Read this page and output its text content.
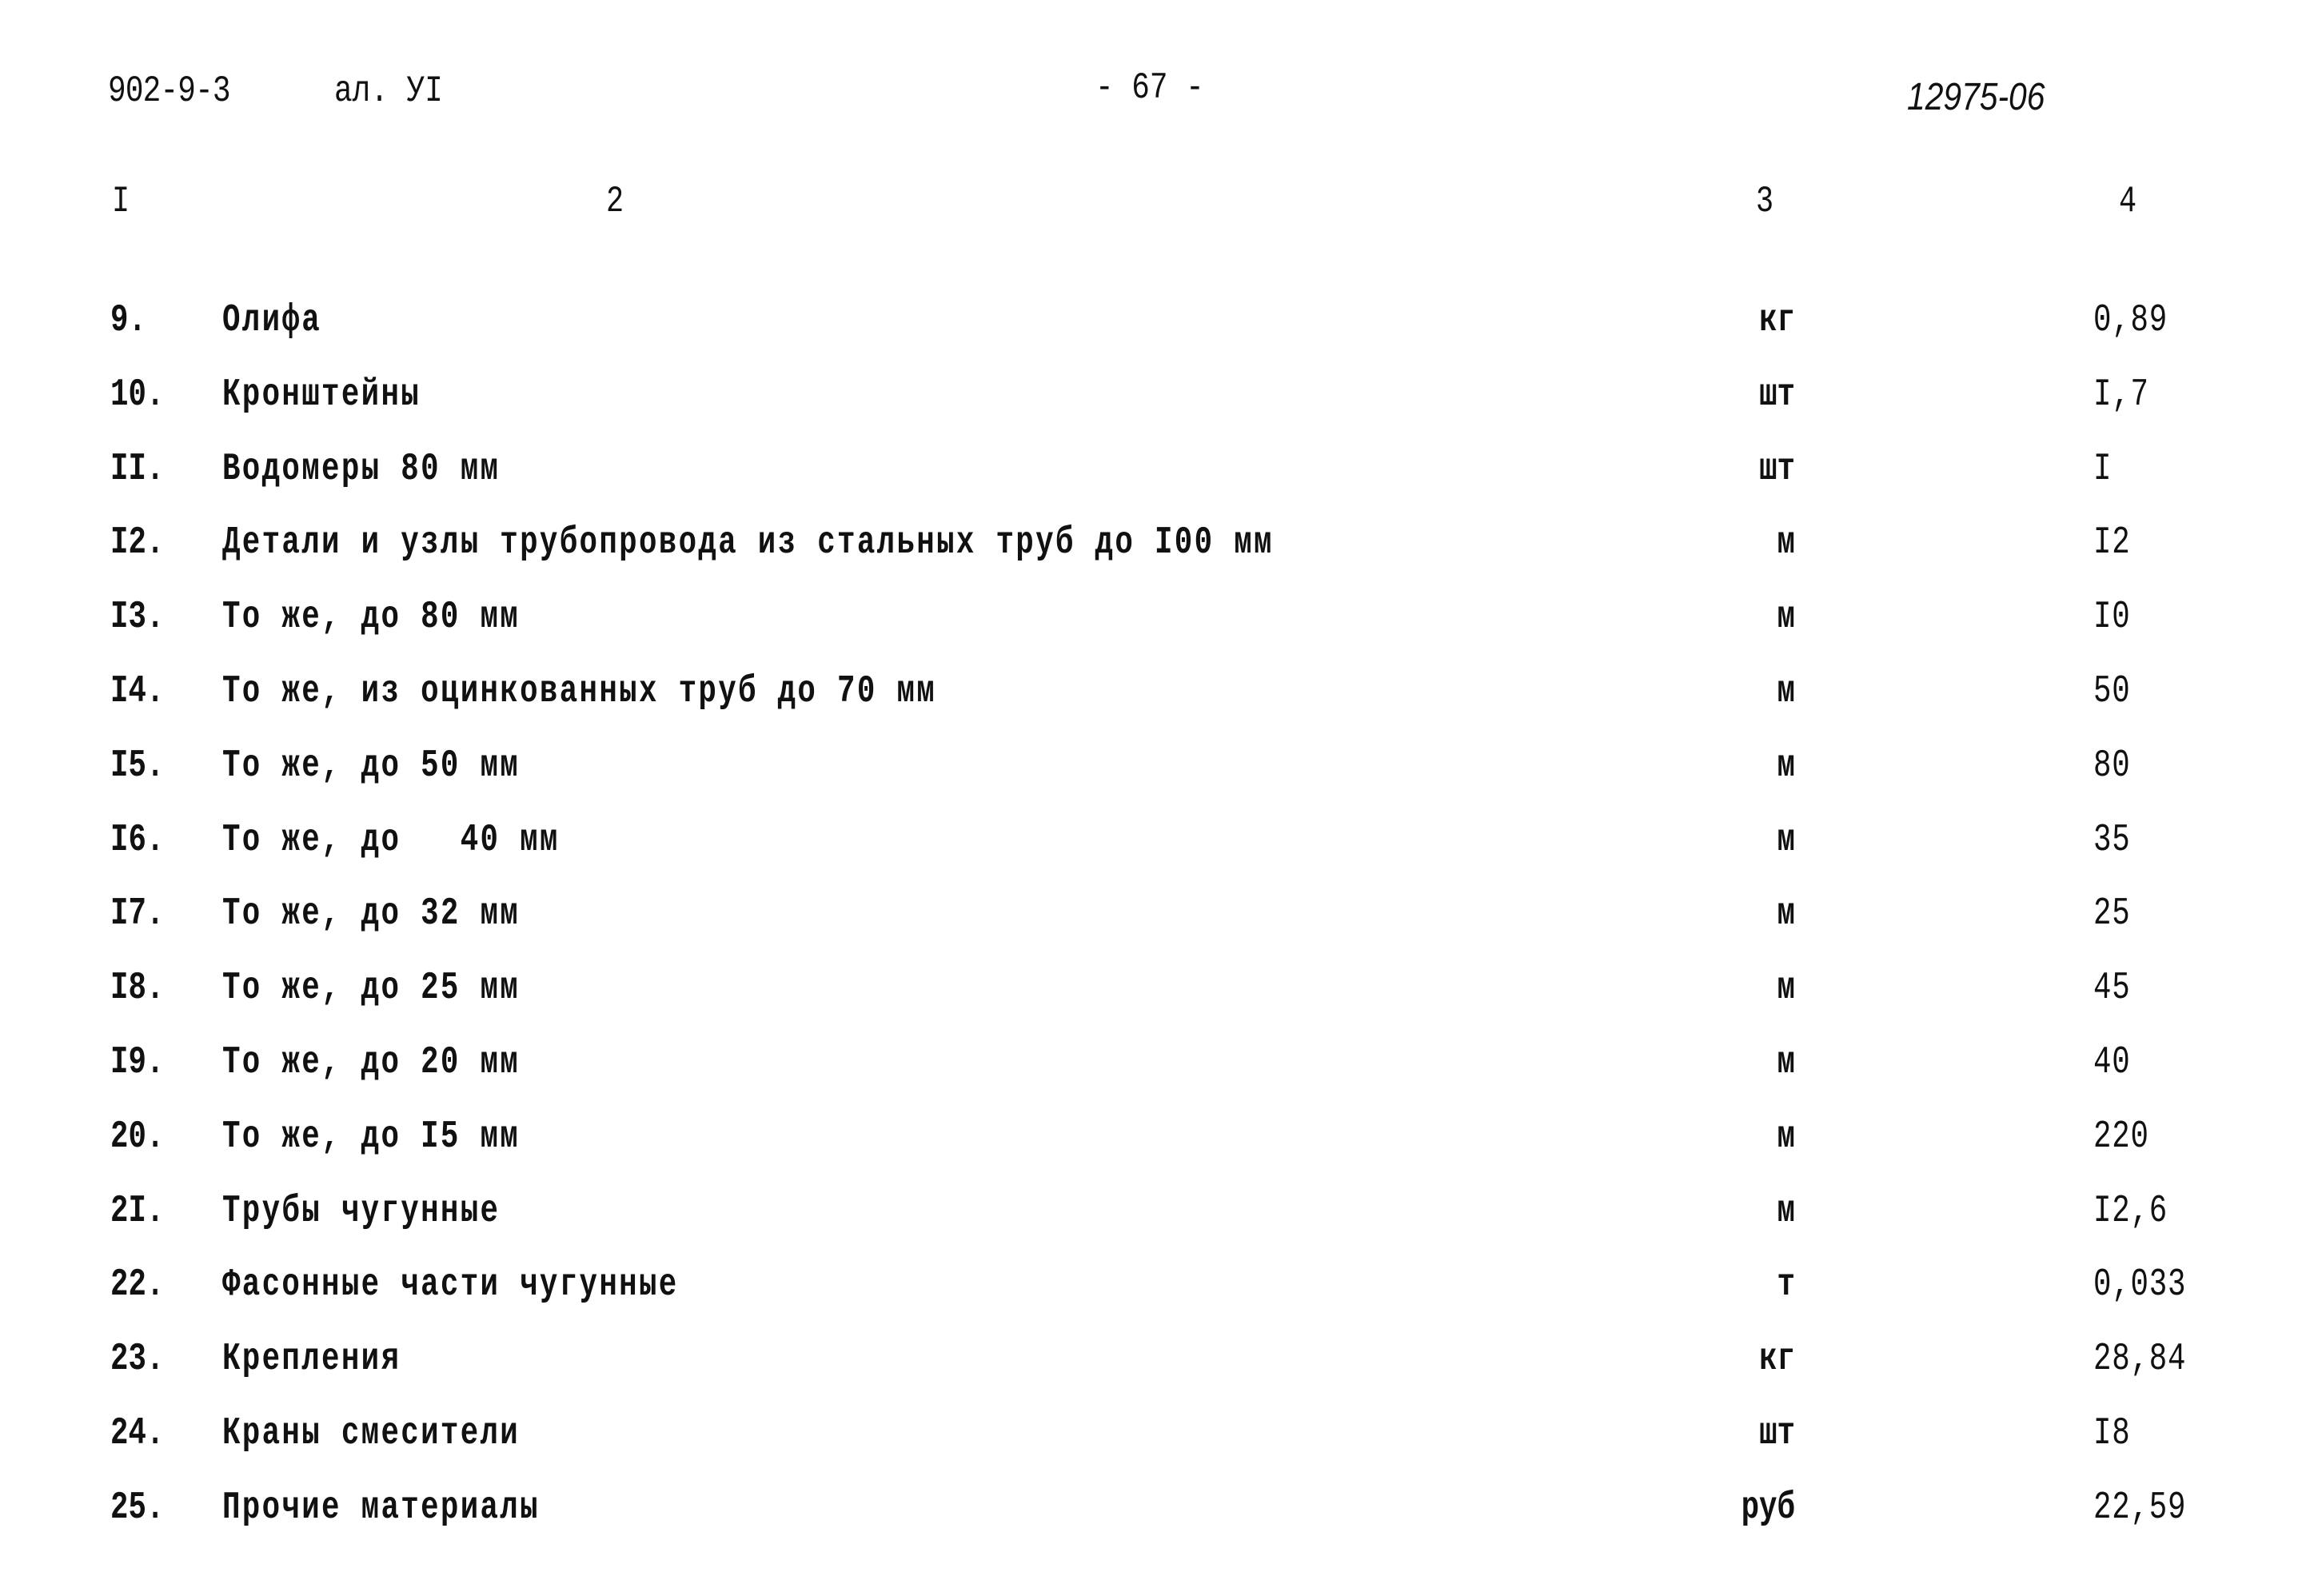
902-9-3	ал. УI	- 67 -	12975-06
I	2	3	4
9. Олифа	кг	0,89
10. Кронштейны	шт	I,7
II. Водомеры 80 мм	шт	I
I2. Детали и узлы трубопровода из стальных труб до I00 мм	м	I2
I3. То же, до 80 мм	м	I0
I4. То же, из оцинкованных труб до 70 мм	м	50
I5. То же, до 50 мм	м	80
I6. То же, до   40 мм	м	35
I7. То же, до 32 мм	м	25
I8. То же, до 25 мм	м	45
I9. То же, до 20 мм	м	40
20. То же, до I5 мм	м	220
2I. Трубы чугунные	м	I2,6
22. Фасонные части чугунные	т	0,033
23. Крепления	кг	28,84
24. Краны смесители	шт	I8
25. Прочие материалы	руб	22,59
